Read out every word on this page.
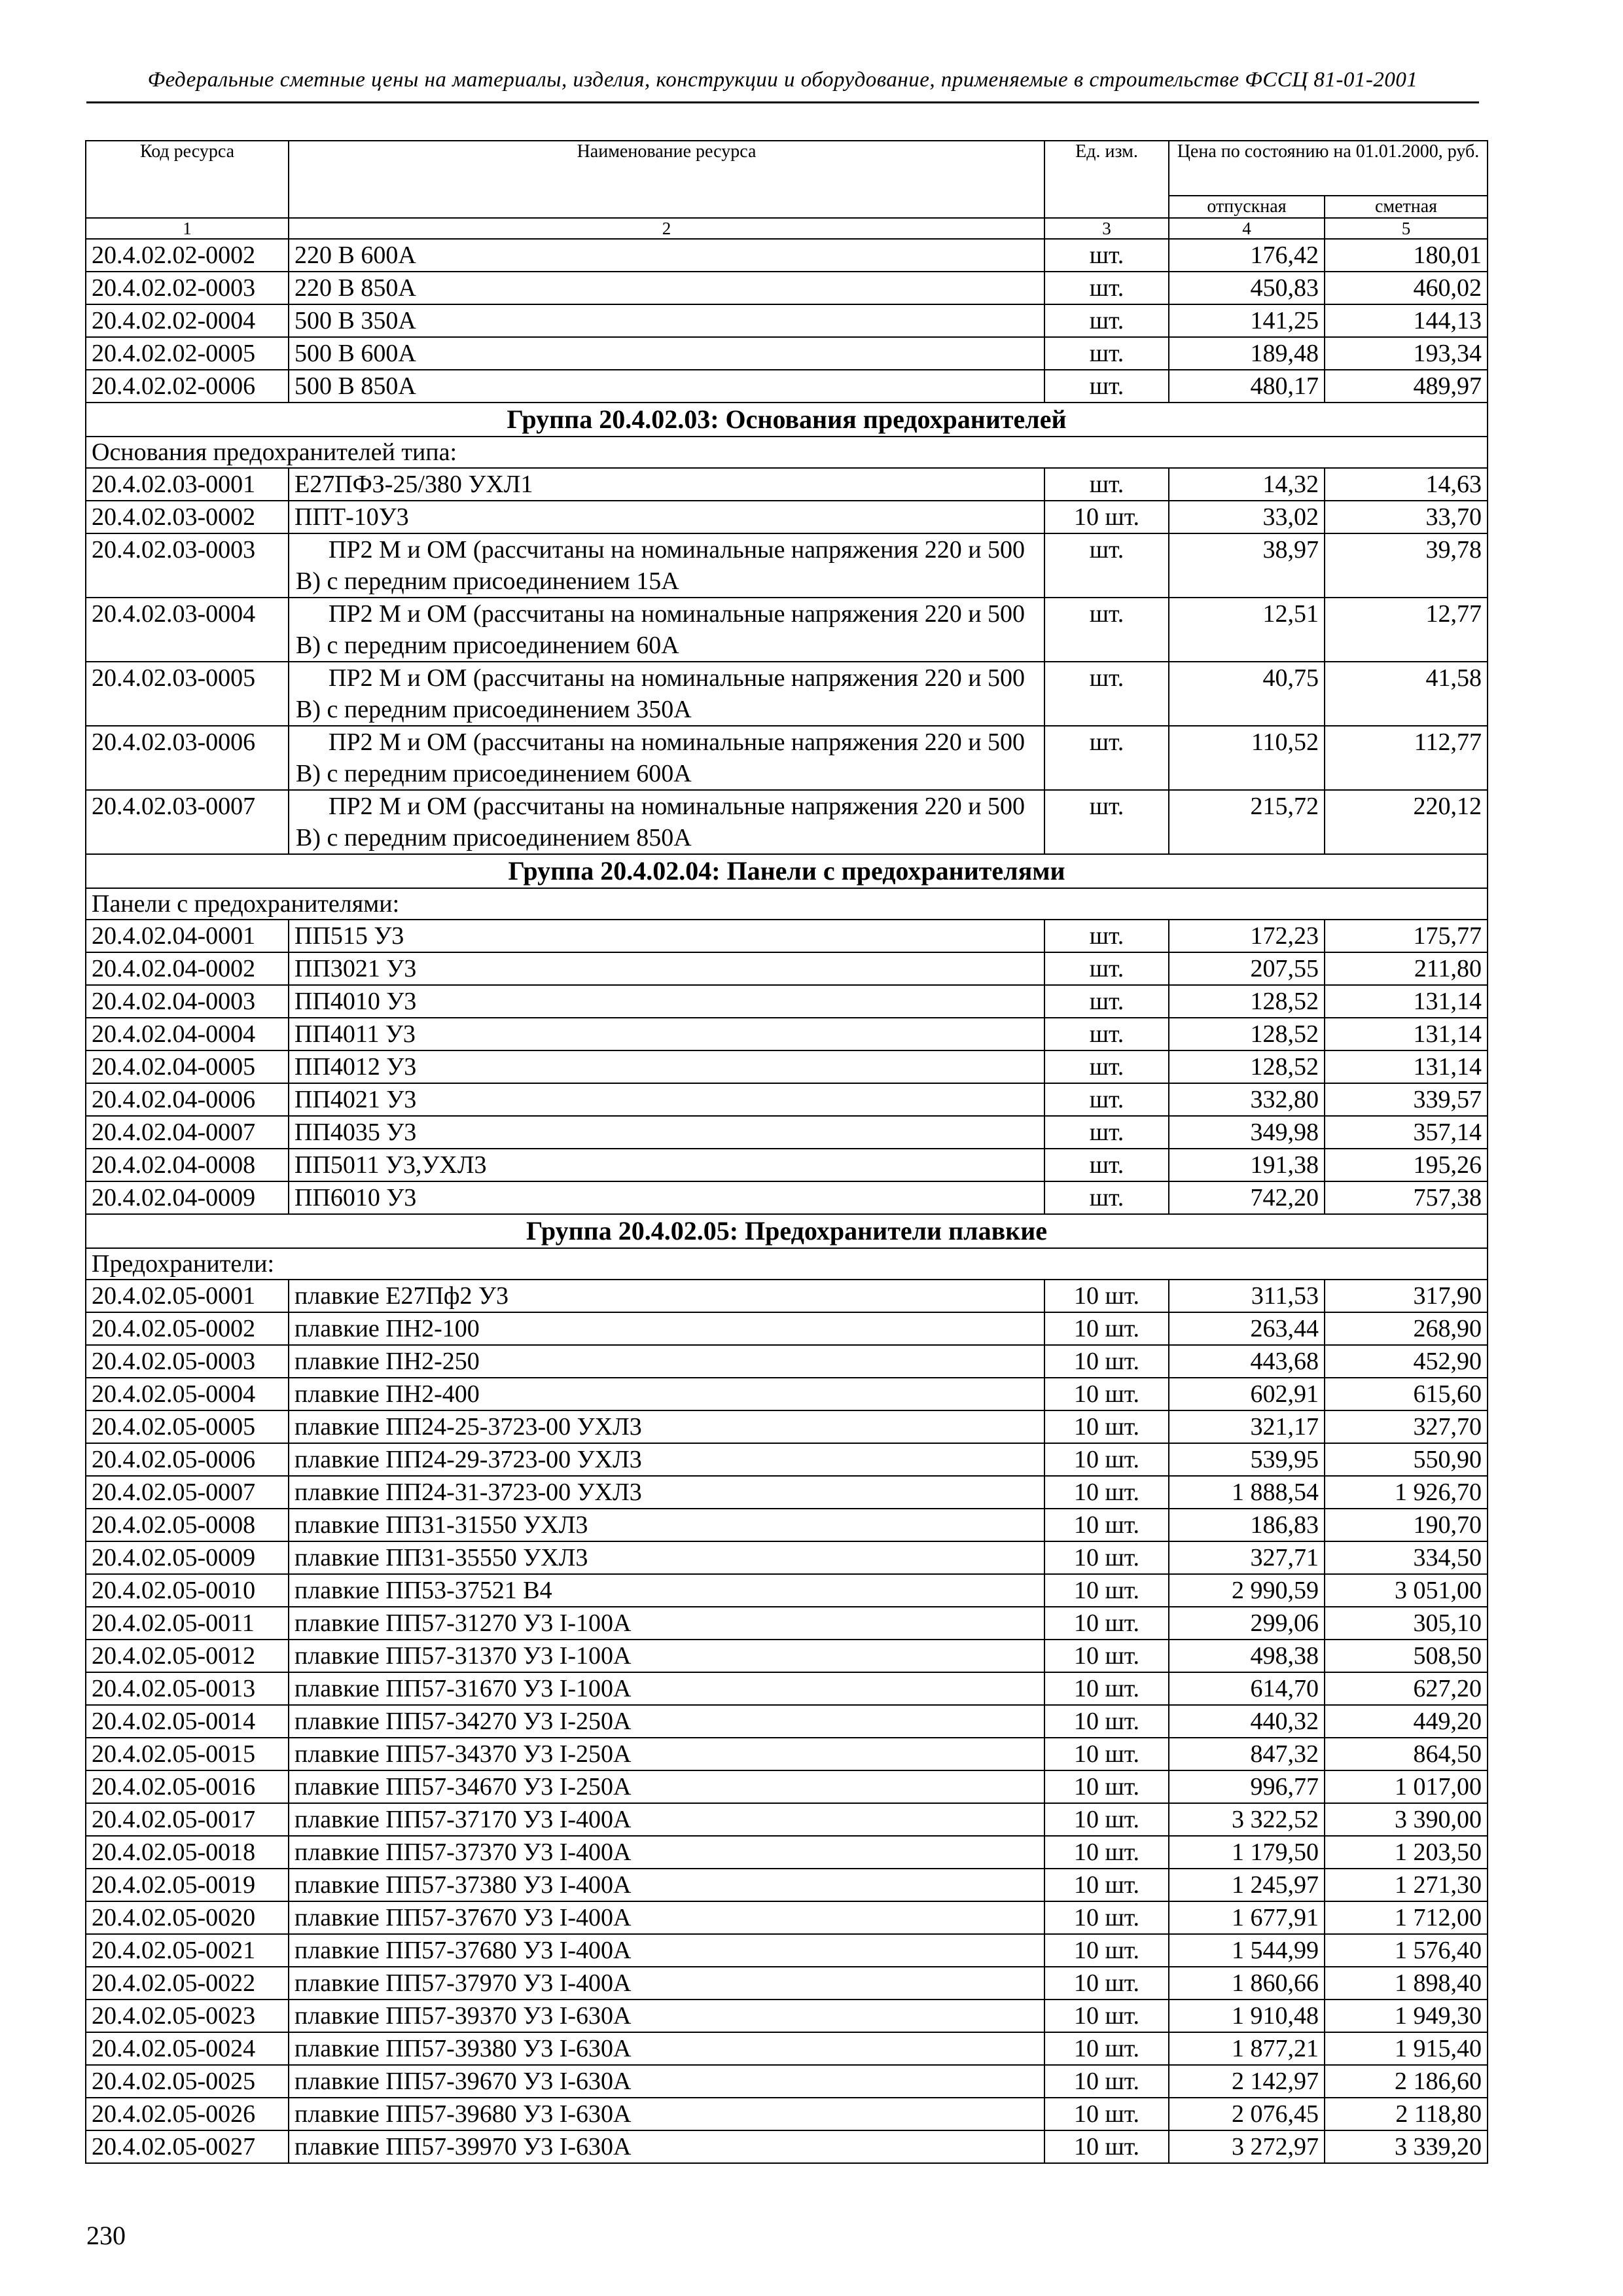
Федеральные сметные цены на материалы, изделия, конструкции и оборудование, применяемые в строительстве ФССЦ 81-01-2001
Код ресурса	Наименование ресурса	Ед. изм.	Цена по состоянию на 01.01.2000, руб.	
			отпускная	сметная
1	2	3	4	5
20.4.02.02-0002	220 В 600А	шт.	176,42	180,01
20.4.02.02-0003	220 В 850А	шт.	450,83	460,02
20.4.02.02-0004	500 В 350А	шт.	141,25	144,13
20.4.02.02-0005	500 В 600А	шт.	189,48	193,34
20.4.02.02-0006	500 В 850А	шт.	480,17	489,97
Группа 20.4.02.03: Основания предохранителей				
Основания предохранителей типа:				
20.4.02.03-0001	Е27ПФЗ-25/380 УХЛ1	шт.	14,32	14,63
20.4.02.03-0002	ППТ-10У3	10 шт.	33,02	33,70
20.4.02.03-0003	ПР2 М и ОМ (рассчитаны на номинальные напряжения 220 и 500 В) с передним присоединением 15А	шт.	38,97	39,78
20.4.02.03-0004	ПР2 М и ОМ (рассчитаны на номинальные напряжения 220 и 500 В) с передним присоединением 60А	шт.	12,51	12,77
20.4.02.03-0005	ПР2 М и ОМ (рассчитаны на номинальные напряжения 220 и 500 В) с передним присоединением 350А	шт.	40,75	41,58
20.4.02.03-0006	ПР2 М и ОМ (рассчитаны на номинальные напряжения 220 и 500 В) с передним присоединением 600А	шт.	110,52	112,77
20.4.02.03-0007	ПР2 М и ОМ (рассчитаны на номинальные напряжения 220 и 500 В) с передним присоединением 850А	шт.	215,72	220,12
Группа 20.4.02.04: Панели с предохранителями				
Панели с предохранителями:				
20.4.02.04-0001	ПП515 У3	шт.	172,23	175,77
20.4.02.04-0002	ПП3021 У3	шт.	207,55	211,80
20.4.02.04-0003	ПП4010 У3	шт.	128,52	131,14
20.4.02.04-0004	ПП4011 У3	шт.	128,52	131,14
20.4.02.04-0005	ПП4012 У3	шт.	128,52	131,14
20.4.02.04-0006	ПП4021 У3	шт.	332,80	339,57
20.4.02.04-0007	ПП4035 У3	шт.	349,98	357,14
20.4.02.04-0008	ПП5011 У3,УХЛ3	шт.	191,38	195,26
20.4.02.04-0009	ПП6010 У3	шт.	742,20	757,38
Группа 20.4.02.05: Предохранители плавкие				
Предохранители:				
20.4.02.05-0001	плавкие Е27Пф2 У3	10 шт.	311,53	317,90
20.4.02.05-0002	плавкие ПН2-100	10 шт.	263,44	268,90
20.4.02.05-0003	плавкие ПН2-250	10 шт.	443,68	452,90
20.4.02.05-0004	плавкие ПН2-400	10 шт.	602,91	615,60
20.4.02.05-0005	плавкие ПП24-25-3723-00 УХЛ3	10 шт.	321,17	327,70
20.4.02.05-0006	плавкие ПП24-29-3723-00 УХЛ3	10 шт.	539,95	550,90
20.4.02.05-0007	плавкие ПП24-31-3723-00 УХЛ3	10 шт.	1 888,54	1 926,70
20.4.02.05-0008	плавкие ПП31-31550 УХЛ3	10 шт.	186,83	190,70
20.4.02.05-0009	плавкие ПП31-35550 УХЛ3	10 шт.	327,71	334,50
20.4.02.05-0010	плавкие ПП53-37521 В4	10 шт.	2 990,59	3 051,00
20.4.02.05-0011	плавкие ПП57-31270 У3 I-100А	10 шт.	299,06	305,10
20.4.02.05-0012	плавкие ПП57-31370 У3 I-100А	10 шт.	498,38	508,50
20.4.02.05-0013	плавкие ПП57-31670 У3 I-100А	10 шт.	614,70	627,20
20.4.02.05-0014	плавкие ПП57-34270 У3 I-250А	10 шт.	440,32	449,20
20.4.02.05-0015	плавкие ПП57-34370 У3 I-250А	10 шт.	847,32	864,50
20.4.02.05-0016	плавкие ПП57-34670 У3 I-250А	10 шт.	996,77	1 017,00
20.4.02.05-0017	плавкие ПП57-37170 У3 I-400А	10 шт.	3 322,52	3 390,00
20.4.02.05-0018	плавкие ПП57-37370 У3 I-400А	10 шт.	1 179,50	1 203,50
20.4.02.05-0019	плавкие ПП57-37380 У3 I-400А	10 шт.	1 245,97	1 271,30
20.4.02.05-0020	плавкие ПП57-37670 У3 I-400А	10 шт.	1 677,91	1 712,00
20.4.02.05-0021	плавкие ПП57-37680 У3 I-400А	10 шт.	1 544,99	1 576,40
20.4.02.05-0022	плавкие ПП57-37970 У3 I-400А	10 шт.	1 860,66	1 898,40
20.4.02.05-0023	плавкие ПП57-39370 У3 I-630А	10 шт.	1 910,48	1 949,30
20.4.02.05-0024	плавкие ПП57-39380 У3 I-630А	10 шт.	1 877,21	1 915,40
20.4.02.05-0025	плавкие ПП57-39670 У3 I-630А	10 шт.	2 142,97	2 186,60
20.4.02.05-0026	плавкие ПП57-39680 У3 I-630А	10 шт.	2 076,45	2 118,80
20.4.02.05-0027	плавкие ПП57-39970 У3 I-630А	10 шт.	3 272,97	3 339,20
230
